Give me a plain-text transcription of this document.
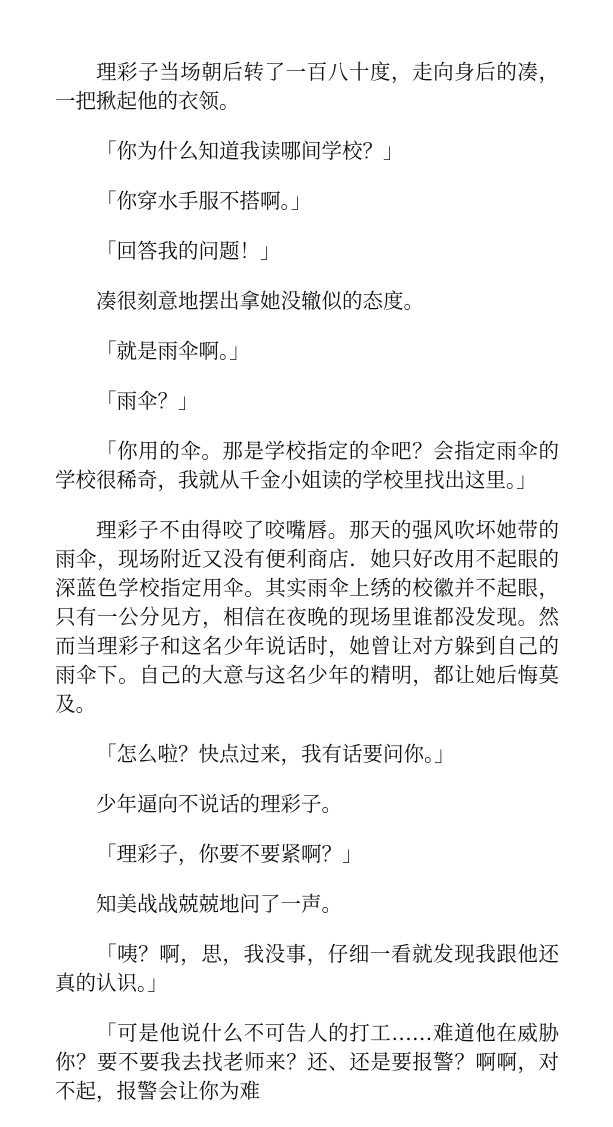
理彩子当场朝后转了一百八十度，走向身后的凑，一把揪起他的衣领。

「你为什么知道我读哪间学校？」

「你穿水手服不搭啊。」

「回答我的问题！」

凑很刻意地摆出拿她没辙似的态度。

「就是雨伞啊。」

「雨伞？」

「你用的伞。那是学校指定的伞吧？会指定雨伞的学校很稀奇，我就从千金小姐读的学校里找出这里。」

理彩子不由得咬了咬嘴唇。那天的强风吹坏她带的雨伞，现场附近又没有便利商店．她只好改用不起眼的深蓝色学校指定用伞。其实雨伞上绣的校徽并不起眼，只有一公分见方，相信在夜晚的现场里谁都没发现。然而当理彩子和这名少年说话时，她曾让对方躲到自己的雨伞下。自己的大意与这名少年的精明，都让她后悔莫及。

「怎么啦？快点过来，我有话要问你。」

少年逼向不说话的理彩子。

「理彩子，你要不要紧啊？」

知美战战兢兢地问了一声。

「咦？啊，思，我没事，仔细一看就发现我跟他还真的认识。」

「可是他说什么不可告人的打工……难道他在威胁你？要不要我去找老师来？还、还是要报警？啊啊，对不起，报警会让你为难
